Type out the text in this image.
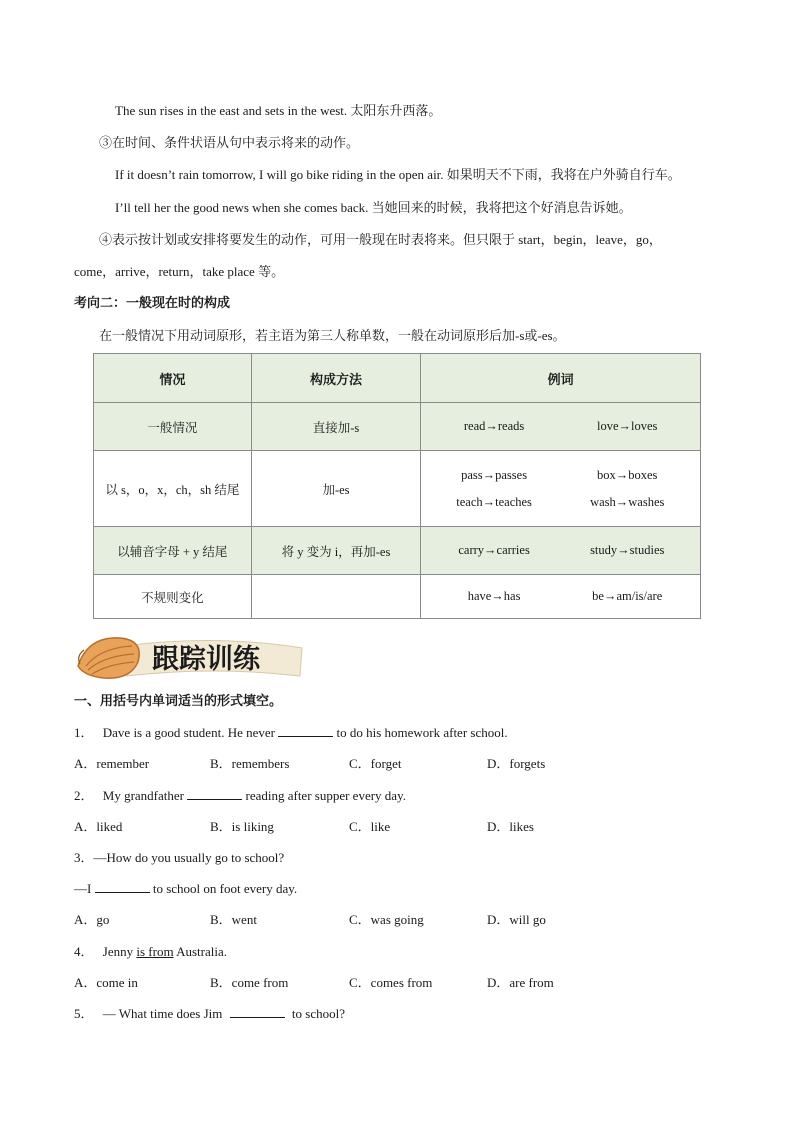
The sun rises in the east and sets in the west. 太阳东升西落。
③在时间、条件状语从句中表示将来的动作。
If it doesn’t rain tomorrow, I will go bike riding in the open air. 如果明天不下雨，我将在户外骑自行车。
I’ll tell her the good news when she comes back. 当她回来的时候，我将把这个好消息告诉她。
④表示按计划或安排将要发生的动作，可用一般现在时表将来。但只限于 start，begin，leave，go，
come，arrive，return，take place 等。
考向二：一般现在时的构成
在一般情况下用动词原形，若主语为第三人称单数，一般在动词原形后加-s或-es。
情况	构成方法	例词
一般情况	直接加-s	read→reads love→loves
以 s，o，x，ch，sh 结尾	加-es	pass→passes box→boxes
teach→teaches wash→washes

以辅音字母 + y 结尾	将 y 变为 i，再加-es	carry→carries study→studies
不规则变化		have→has be→am/is/are
跟踪训练
一、用括号内单词适当的形式填空。
1． Dave is a good student. He never	to do his homework after school.
A．remember	B．remembers	C．forget	D．forgets
2． My grandfather	reading after supper every day.
A．liked	B．is liking	C．like	D．likes
3．—How do you usually go to school?
—I	to school on foot every day.
A．go	B．went	C．was going	D．will go
4． Jenny is from Australia.
A．come in	B．come from	C．comes from	D．are from
5． — What time does Jim	to school?
